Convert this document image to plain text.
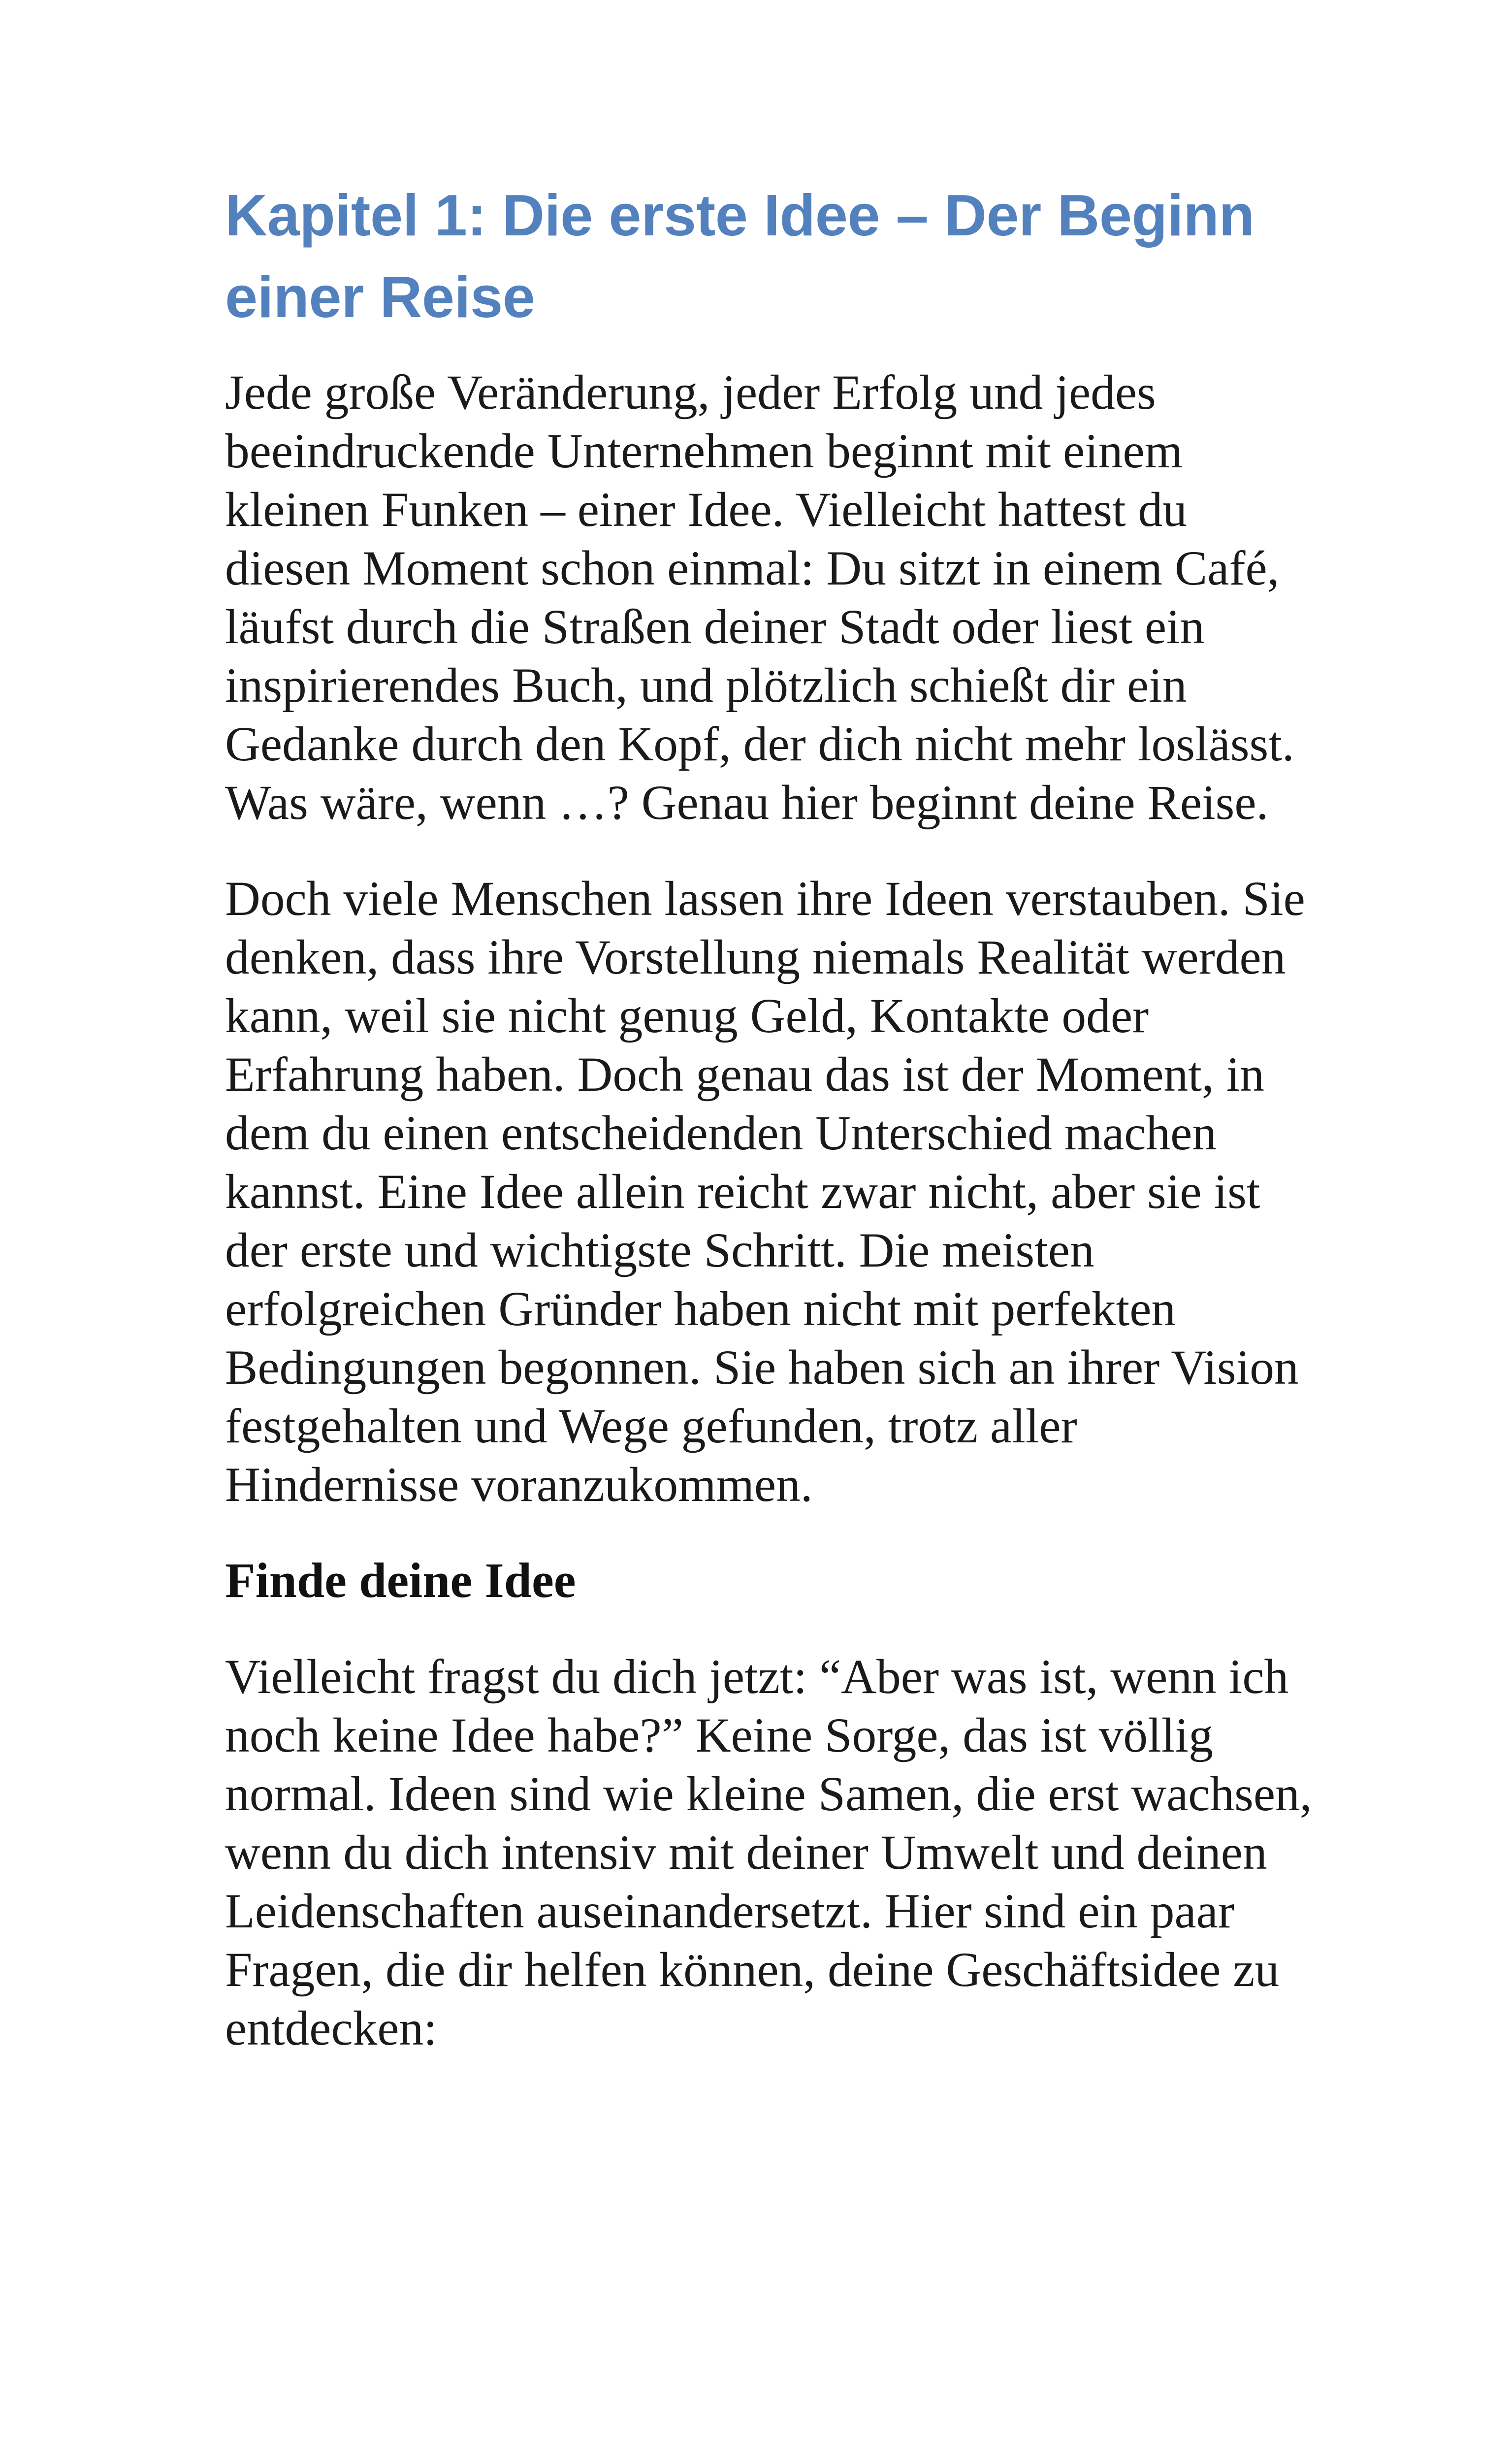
Kapitel 1: Die erste Idee – Der Beginn einer Reise

Jede große Veränderung, jeder Erfolg und jedes beeindruckende Unternehmen beginnt mit einem kleinen Funken – einer Idee. Vielleicht hattest du diesen Moment schon einmal: Du sitzt in einem Café, läufst durch die Straßen deiner Stadt oder liest ein inspirierendes Buch, und plötzlich schießt dir ein Gedanke durch den Kopf, der dich nicht mehr loslässt. Was wäre, wenn …? Genau hier beginnt deine Reise.

Doch viele Menschen lassen ihre Ideen verstauben. Sie denken, dass ihre Vorstellung niemals Realität werden kann, weil sie nicht genug Geld, Kontakte oder Erfahrung haben. Doch genau das ist der Moment, in dem du einen entscheidenden Unterschied machen kannst. Eine Idee allein reicht zwar nicht, aber sie ist der erste und wichtigste Schritt. Die meisten erfolgreichen Gründer haben nicht mit perfekten Bedingungen begonnen. Sie haben sich an ihrer Vision festgehalten und Wege gefunden, trotz aller Hindernisse voranzukommen.

Finde deine Idee

Vielleicht fragst du dich jetzt: “Aber was ist, wenn ich noch keine Idee habe?” Keine Sorge, das ist völlig normal. Ideen sind wie kleine Samen, die erst wachsen, wenn du dich intensiv mit deiner Umwelt und deinen Leidenschaften auseinandersetzt. Hier sind ein paar Fragen, die dir helfen können, deine Geschäftsidee zu entdecken:
